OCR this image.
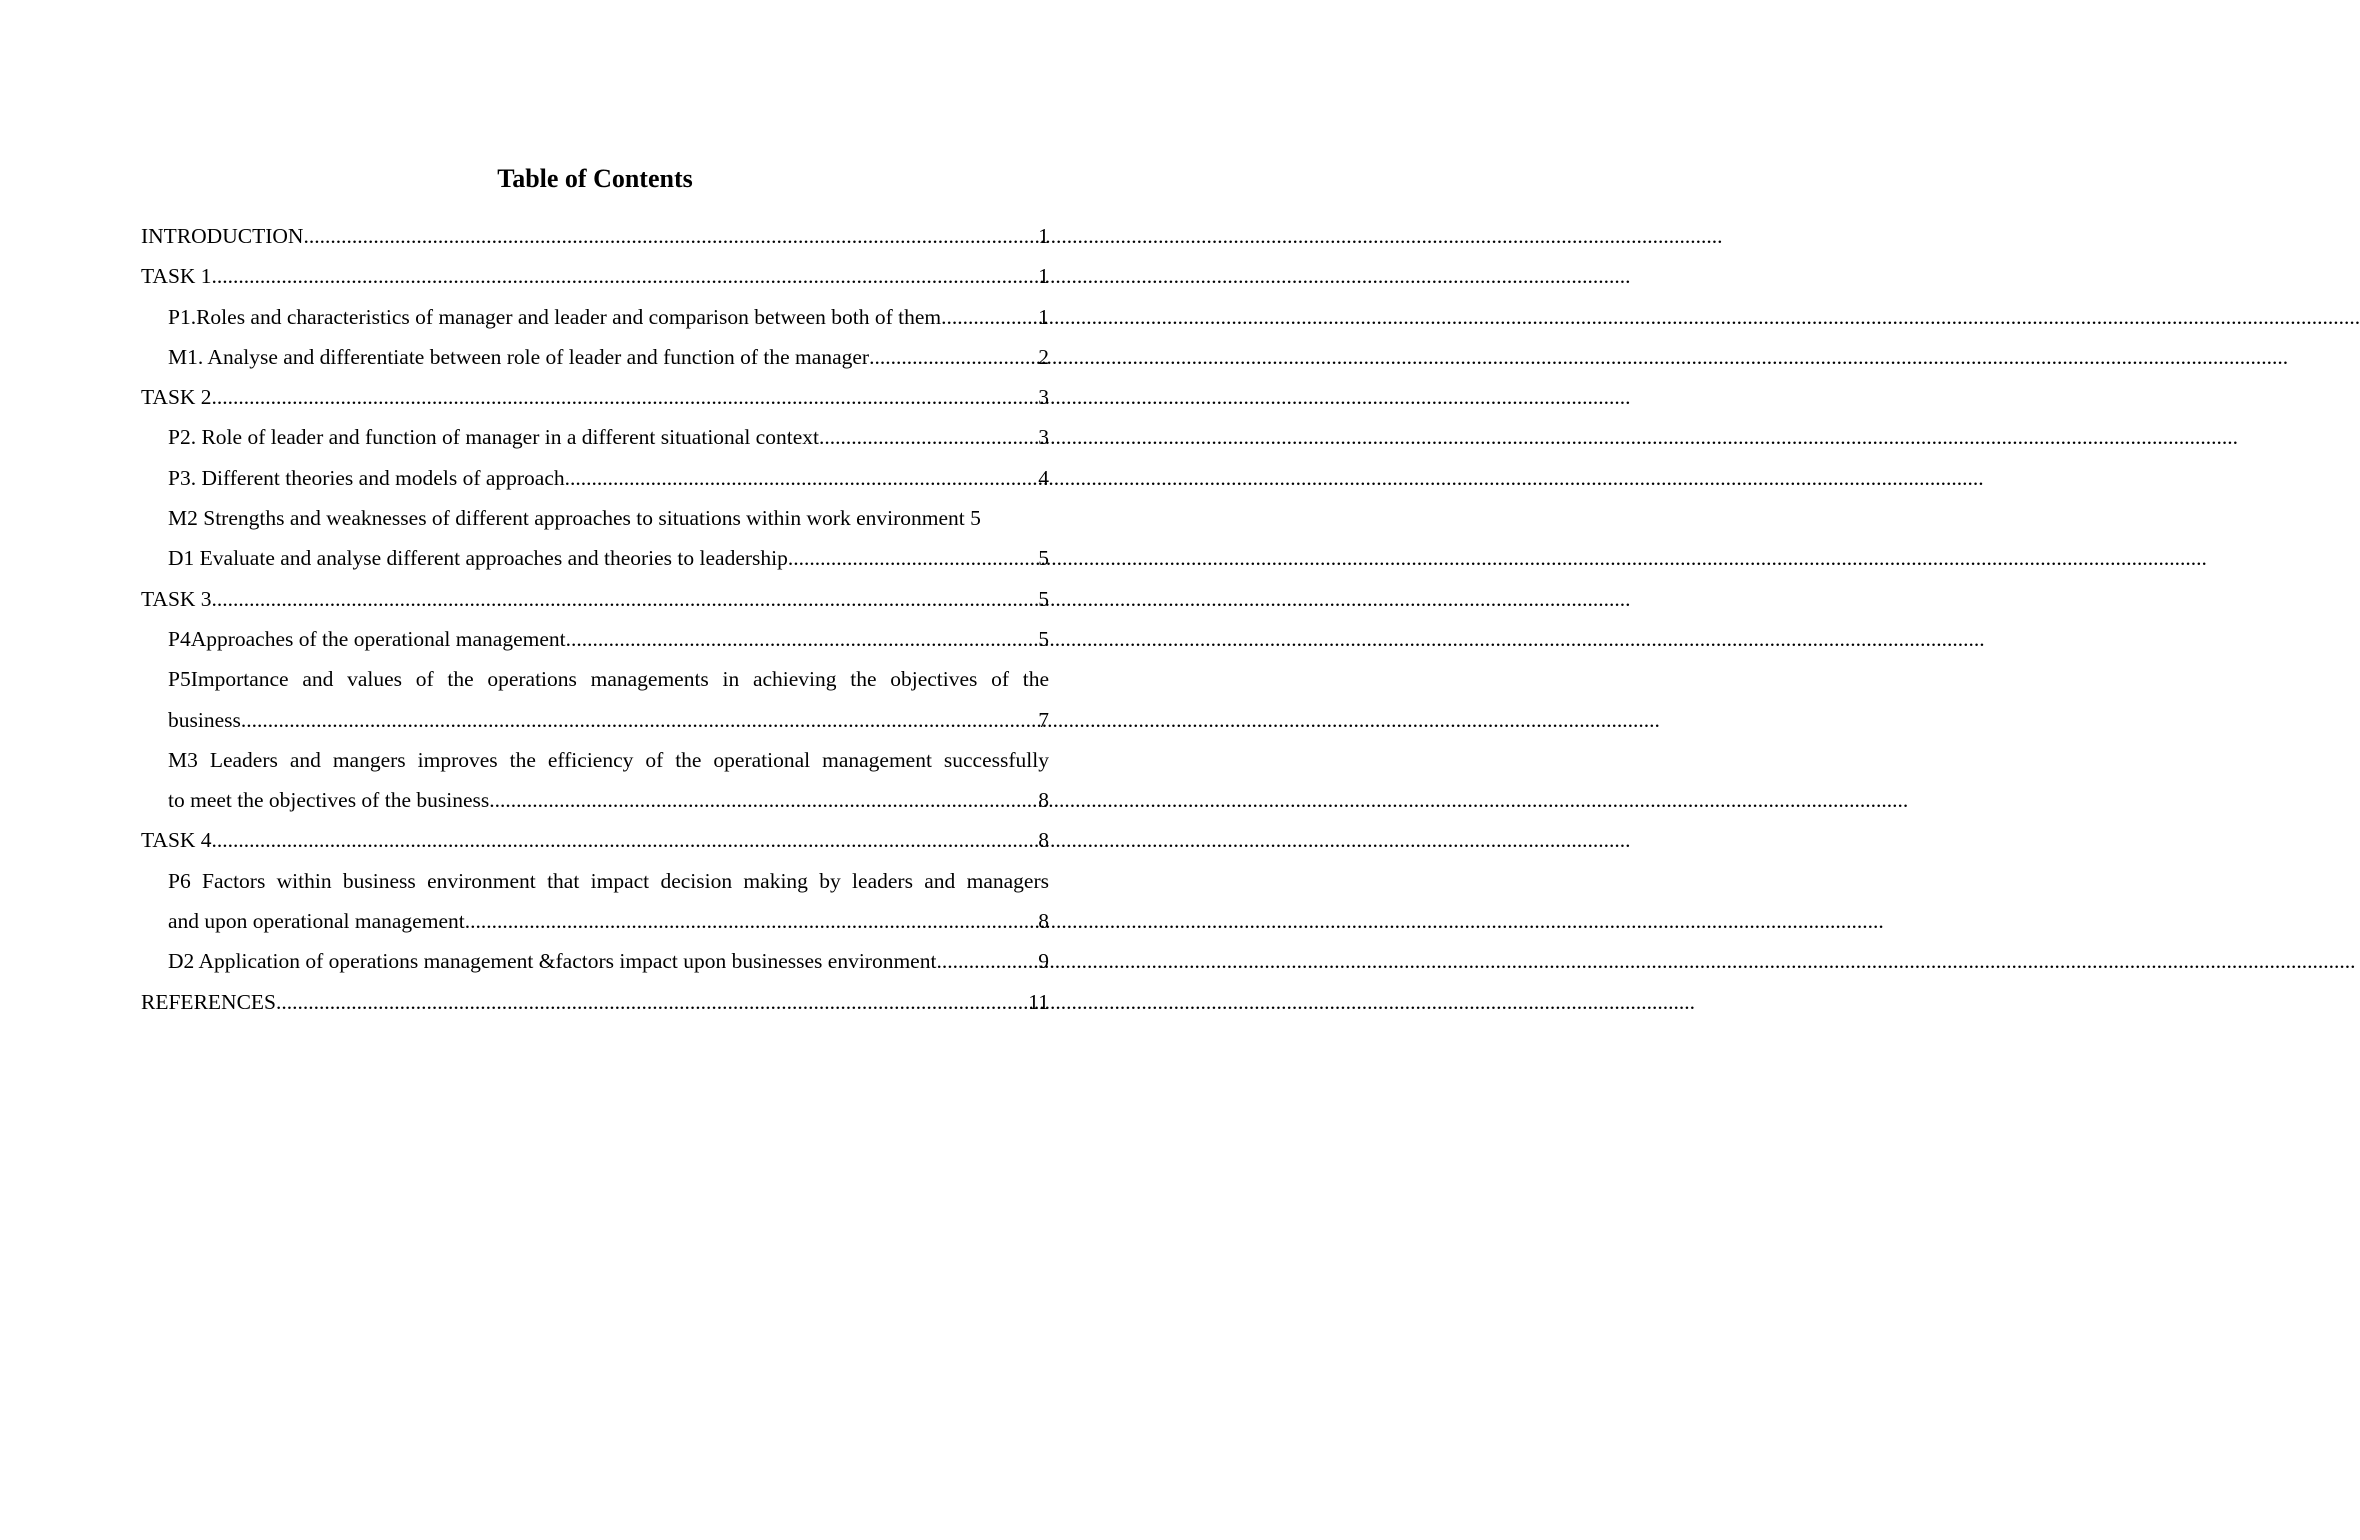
Table of Contents
INTRODUCTION .....	1
TASK 1 .....	1
P1.Roles and characteristics of manager and leader and comparison between both of them .....	1
M1. Analyse and differentiate between role of leader and function of the manager .....	2
TASK 2 .....	3
P2. Role of leader and function of manager in a different situational context .....	3
P3. Different theories and models of approach .....	4
M2 Strengths and weaknesses of different approaches to situations within work environment 5
D1 Evaluate and analyse different approaches and theories to leadership .....	5
TASK 3 .....	5
P4Approaches of the operational management .....	5
P5Importance and values of the operations managements in achieving the objectives of the
business .....	7
M3 Leaders and mangers improves the efficiency of the operational management successfully
to meet the objectives of the business .....	8
TASK 4 .....	8
P6 Factors within business environment that impact decision making by leaders and managers
and upon operational management .....	8
D2 Application of operations management &factors impact upon businesses environment .....	9
REFERENCES .....	11
